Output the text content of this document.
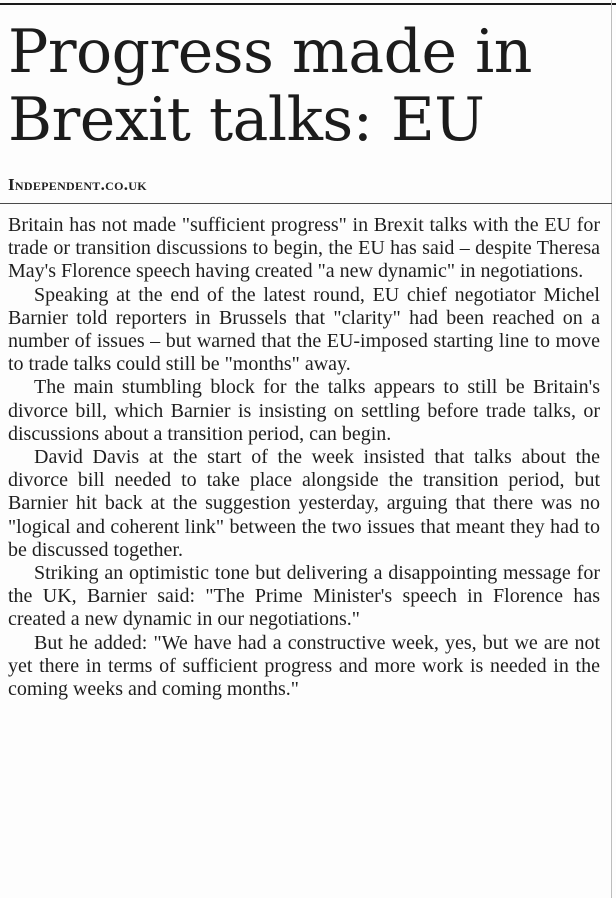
Progress made in Brexit talks: EU
Independent.co.uk

Britain has not made "sufficient progress" in Brexit talks with the EU for trade or transition discussions to begin, the EU has said – despite Theresa May's Florence speech having created "a new dynamic" in negotiations.

Speaking at the end of the latest round, EU chief negotiator Michel Barnier told reporters in Brussels that "clarity" had been reached on a number of issues – but warned that the EU-imposed starting line to move to trade talks could still be "months" away.

The main stumbling block for the talks appears to still be Britain's divorce bill, which Barnier is insisting on settling before trade talks, or discussions about a transition period, can begin.

David Davis at the start of the week insisted that talks about the divorce bill needed to take place alongside the transition period, but Barnier hit back at the suggestion yesterday, arguing that there was no "logical and coherent link" between the two issues that meant they had to be discussed together.

Striking an optimistic tone but delivering a disappointing message for the UK, Barnier said: "The Prime Minister's speech in Florence has created a new dynamic in our negotiations."

But he added: "We have had a constructive week, yes, but we are not yet there in terms of sufficient progress and more work is needed in the coming weeks and coming months."
